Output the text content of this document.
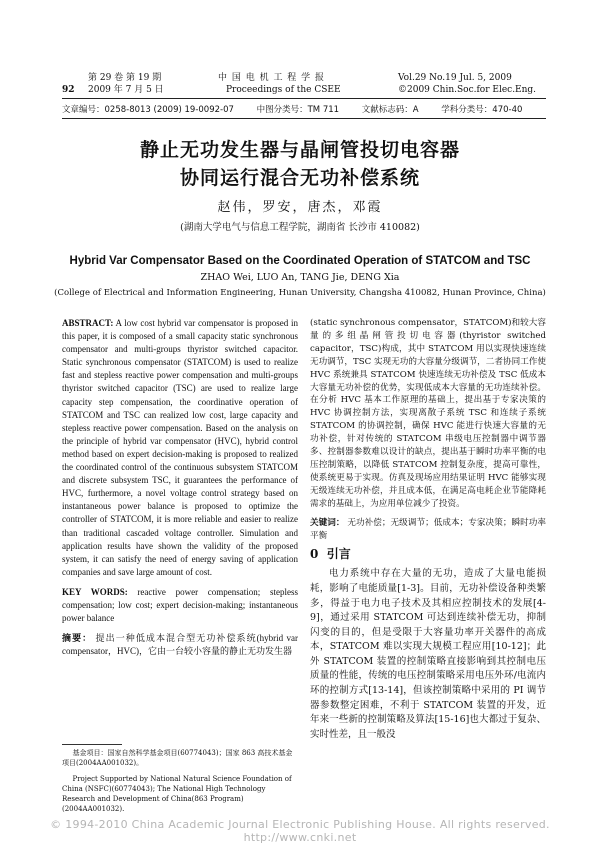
第 29 卷 第 19 期
92 2009 年 7 月 5 日
中 国 电 机 工 程 学 报
Proceedings of the CSEE
Vol.29 No.19 Jul. 5, 2009
©2009 Chin.Soc.for Elec.Eng.
文章编号：0258-8013 (2009) 19-0092-07	中图分类号：TM 711	文献标志码：A	学科分类号：470-40
静止无功发生器与晶闸管投切电容器
协同运行混合无功补偿系统
赵伟，罗安，唐杰，邓霞
(湖南大学电气与信息工程学院，湖南省 长沙市 410082)
Hybrid Var Compensator Based on the Coordinated Operation of STATCOM and TSC
ZHAO Wei, LUO An, TANG Jie, DENG Xia
(College of Electrical and Information Engineering, Hunan University, Changsha 410082, Hunan Province, China)

ABSTRACT: A low cost hybrid var compensator is proposed in this paper, it is composed of a small capacity static synchronous compensator and multi-groups thyristor switched capacitor. Static synchronous compensator (STATCOM) is used to realize fast and stepless reactive power compensation and multi-groups thyristor switched capacitor (TSC) are used to realize large capacity step compensation, the coordinative operation of STATCOM and TSC can realized low cost, large capacity and stepless reactive power compensation. Based on the analysis on the principle of hybrid var compensator (HVC), hybrid control method based on expert decision-making is proposed to realized the coordinated control of the continuous subsystem STATCOM and discrete subsystem TSC, it guarantees the performance of HVC, furthermore, a novel voltage control strategy based on instantaneous power balance is proposed to optimize the controller of STATCOM, it is more reliable and easier to realize than traditional cascaded voltage controller. Simulation and application results have shown the validity of the proposed system, it can satisfy the need of energy saving of application companies and save large amount of cost.

KEY WORDS: reactive power compensation; stepless compensation; low cost; expert decision-making; instantaneous power balance

摘要： 提出一种低成本混合型无功补偿系统(hybrid var compensator，HVC)，它由一台较小容量的静止无功发生器

基金项目：国家自然科学基金项目(60774043)；国家 863 高技术基金项目(2004AA001032)。
Project Supported by National Natural Science Foundation of China (NSFC)(60774043); The National High Technology Research and Development of China(863 Program)(2004AA001032).

(static synchronous compensator，STATCOM)和较大容量的多组晶闸管投切电容器(thyristor switched capacitor，TSC)构成，其中 STATCOM 用以实现快速连续无功调节，TSC 实现无功的大容量分级调节，二者协同工作使 HVC 系统兼具 STATCOM 快速连续无功补偿及 TSC 低成本大容量无功补偿的优势，实现低成本大容量的无功连续补偿。在分析 HVC 基本工作原理的基础上，提出基于专家决策的 HVC 协调控制方法，实现离散子系统 TSC 和连续子系统 STATCOM 的协调控制，确保 HVC 能进行快速大容量的无功补偿，针对传统的 STATCOM 串级电压控制器中调节器多、控制器参数难以设计的缺点，提出基于瞬时功率平衡的电压控制策略，以降低 STATCOM 控制复杂度，提高可靠性，使系统更易于实现。仿真及现场应用结果证明 HVC 能够实现无级连续无功补偿，并且成本低，在满足高电耗企业节能降耗需求的基础上，为应用单位减少了投资。

关键词： 无功补偿；无级调节；低成本；专家决策；瞬时功率平衡

0 引言

电力系统中存在大量的无功，造成了大量电能损耗，影响了电能质量[1-3]。目前，无功补偿设备种类繁多，得益于电力电子技术及其相应控制技术的发展[4-9]，通过采用 STATCOM 可达到连续补偿无功，抑制闪变的目的，但是受限于大容量功率开关器件的高成本，STATCOM 难以实现大规模工程应用[10-12]；此外 STATCOM 装置的控制策略直接影响到其控制电压质量的性能，传统的电压控制策略采用电压外环/电流内环的控制方式[13-14]，但该控制策略中采用的 PI 调节器参数整定困难，不利于 STATCOM 装置的开发，近年来一些新的控制策略及算法[15-16]也大都过于复杂、实时性差，且一般没

© 1994-2010 China Academic Journal Electronic Publishing House. All rights reserved. http://www.cnki.net
